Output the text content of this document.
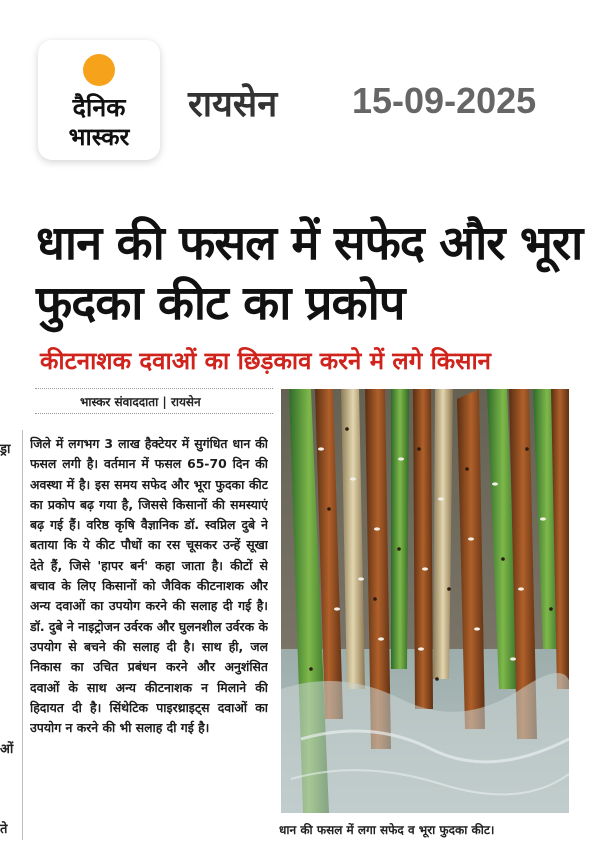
दैनिक
भास्कर
रायसेन 15-09-2025
धान की फसल में सफेद और भूरा फुदका कीट का प्रकोप
कीटनाशक दवाओं का छिड़काव करने में लगे किसान
भास्कर संवाददाता | रायसेन
ड्रा

ओं

ते

जिले में लगभग 3 लाख हैक्टेयर में सुगंधित धान की फसल लगी है। वर्तमान में फसल 65-70 दिन की अवस्था में है। इस समय सफेद और भूरा फुदका कीट का प्रकोप बढ़ गया है, जिससे किसानों की समस्याएं बढ़ गई हैं। वरिष्ठ कृषि वैज्ञानिक डॉ. स्वप्निल दुबे ने बताया कि ये कीट पौधों का रस चूसकर उन्हें सूखा देते हैं, जिसे 'हापर बर्न' कहा जाता है। कीटों से बचाव के लिए किसानों को जैविक कीटनाशक और अन्य दवाओं का उपयोग करने की सलाह दी गई है। डॉ. दुबे ने नाइट्रोजन उर्वरक और घुलनशील उर्वरक के उपयोग से बचने की सलाह दी है। साथ ही, जल निकास का उचित प्रबंधन करने और अनुशंसित दवाओं के साथ अन्य कीटनाशक न मिलाने की हिदायत दी है। सिंथेटिक पाइरथ्राइट्स दवाओं का उपयोग न करने की भी सलाह दी गई है।

धान की फसल में लगा सफेद व भूरा फुदका कीट।
